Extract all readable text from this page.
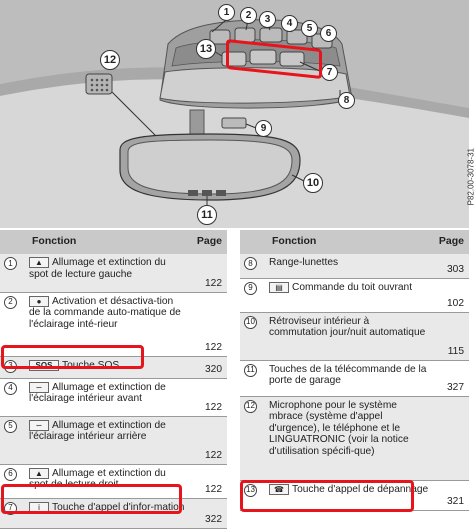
1	2	3	4	5	6
7
8
9
10
11
12
13
P82.00-3078-31
	Fonction	Page
1	▲ Allumage et extinction du spot de lecture gauche	122
2	● Activation et désactiva-tion de la commande auto-matique de l'éclairage inté-rieur	122
3	SOS Touche SOS	320
4	∽ Allumage et extinction de l'éclairage intérieur avant	122
5	∽ Allumage et extinction de l'éclairage intérieur arrière	122
6	▲ Allumage et extinction du spot de lecture droit	122
7	i Touche d'appel d'infor-mation	322
	Fonction	Page
8	Range-lunettes	303
9	▤ Commande du toit ouvrant	102
10	Rétroviseur intérieur à commutation jour/nuit automatique	115
11	Touches de la télécommande de la porte de garage	327
12	Microphone pour le système mbrace (système d'appel d'urgence), le téléphone et le LINGUATRONIC (voir la notice d'utilisation spécifi-que)	
13	☎ Touche d'appel de dépannage	321
